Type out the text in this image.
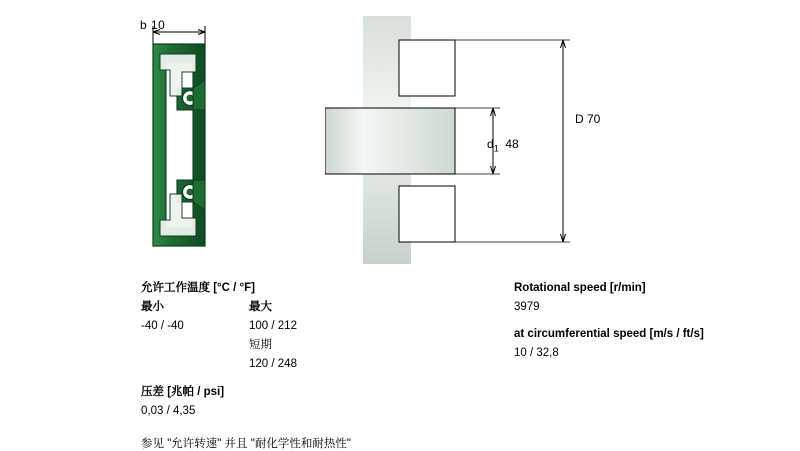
b 10
D 70
$d_1$ 48
允许工作温度 [°C / °F]
最小	最大
-40 / -40	100 / 212
短期
120 / 248
压差 [兆帕 / psi]
0,03 / 4,35
参见 "允许转速" 并且 "耐化学性和耐热性"
Rotational speed [r/min]
3979
at circumferential speed [m/s / ft/s]
10 / 32,8
